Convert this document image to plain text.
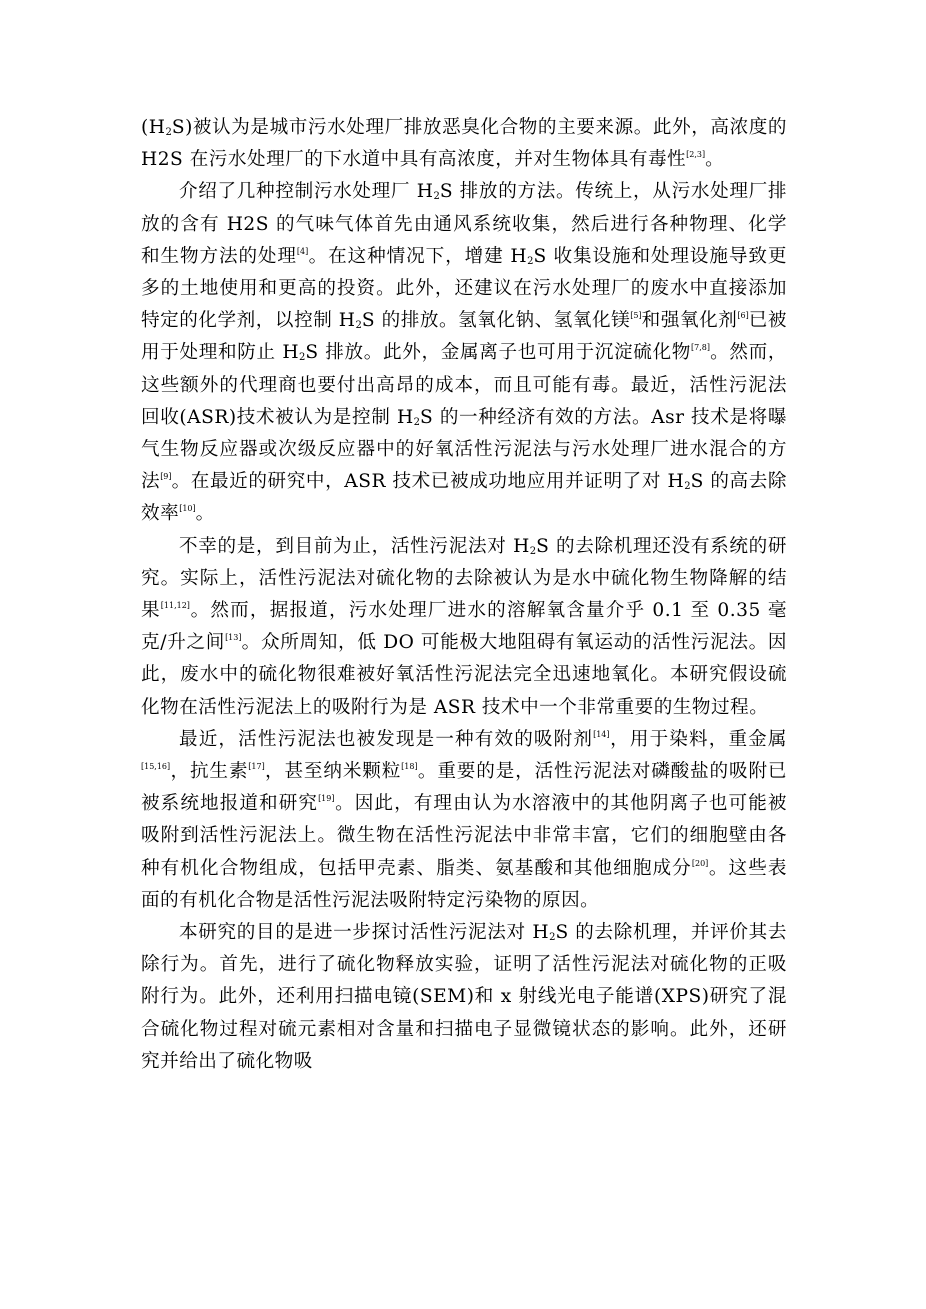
$(H_2S)$被认为是城市污水处理厂排放恶臭化合物的主要来源。此外，高浓度的 H2S 在污水处理厂的下水道中具有高浓度，并对生物体具有毒性[2,3]。

介绍了几种控制污水处理厂 $H_2S$ 排放的方法。传统上，从污水处理厂排放的含有 H2S 的气味气体首先由通风系统收集，然后进行各种物理、化学和生物方法的处理[4]。在这种情况下，增建 $H_2S$ 收集设施和处理设施导致更多的土地使用和更高的投资。此外，还建议在污水处理厂的废水中直接添加特定的化学剂，以控制 $H_2S$ 的排放。氢氧化钠、氢氧化镁[5]和强氧化剂[6]已被用于处理和防止 $H_2S$ 排放。此外，金属离子也可用于沉淀硫化物[7,8]。然而，这些额外的代理商也要付出高昂的成本，而且可能有毒。最近，活性污泥法回收(ASR)技术被认为是控制 $H_2S$ 的一种经济有效的方法。Asr 技术是将曝气生物反应器或次级反应器中的好氧活性污泥法与污水处理厂进水混合的方法[9]。在最近的研究中，ASR 技术已被成功地应用并证明了对 $H_2S$ 的高去除效率[10]。

不幸的是，到目前为止，活性污泥法对 $H_2S$ 的去除机理还没有系统的研究。实际上，活性污泥法对硫化物的去除被认为是水中硫化物生物降解的结果[11,12]。然而，据报道，污水处理厂进水的溶解氧含量介乎 0.1 至 0.35 毫克/升之间[13]。众所周知，低 DO 可能极大地阻碍有氧运动的活性污泥法。因此，废水中的硫化物很难被好氧活性污泥法完全迅速地氧化。本研究假设硫化物在活性污泥法上的吸附行为是 ASR 技术中一个非常重要的生物过程。

最近，活性污泥法也被发现是一种有效的吸附剂[14]，用于染料，重金属[15,16]，抗生素[17]，甚至纳米颗粒[18]。重要的是，活性污泥法对磷酸盐的吸附已被系统地报道和研究[19]。因此，有理由认为水溶液中的其他阴离子也可能被吸附到活性污泥法上。微生物在活性污泥法中非常丰富，它们的细胞壁由各种有机化合物组成，包括甲壳素、脂类、氨基酸和其他细胞成分[20]。这些表面的有机化合物是活性污泥法吸附特定污染物的原因。

本研究的目的是进一步探讨活性污泥法对 $H_2S$ 的去除机理，并评价其去除行为。首先，进行了硫化物释放实验，证明了活性污泥法对硫化物的正吸附行为。此外，还利用扫描电镜(SEM)和 x 射线光电子能谱(XPS)研究了混合硫化物过程对硫元素相对含量和扫描电子显微镜状态的影响。此外，还研究并给出了硫化物吸
